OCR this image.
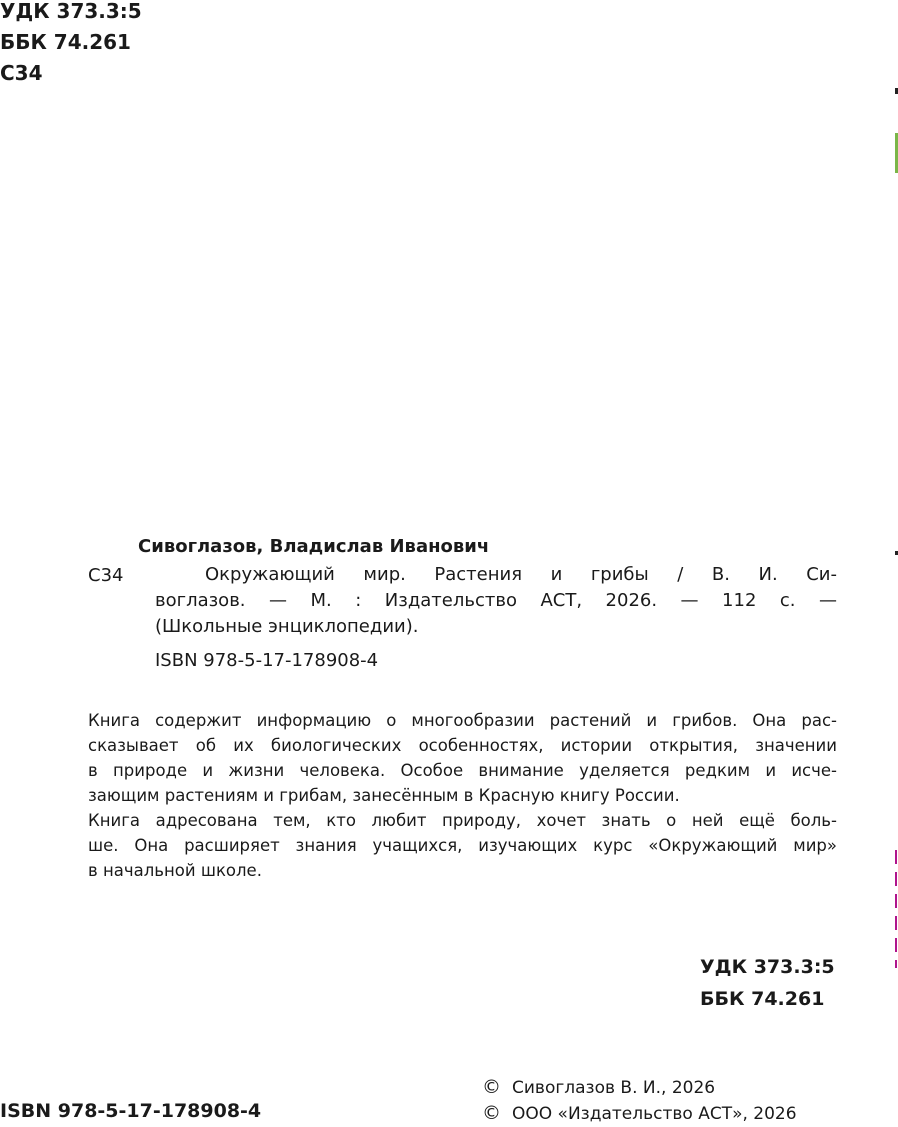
УДК 373.3:5
ББК 74.261
С34
Сивоглазов, Владислав Иванович
С34	Окружающий мир. Растения и грибы / В. И. Си-
воглазов. — М. : Издательство АСТ, 2026. — 112 с. —
(Школьные энциклопедии).
ISBN 978-5-17-178908-4
Книга содержит информацию о многообразии растений и грибов. Она рас-
сказывает об их биологических особенностях, истории открытия, значении
в природе и жизни человека. Особое внимание уделяется редким и исче-
зающим растениям и грибам, занесённым в Красную книгу России.
Книга адресована тем, кто любит природу, хочет знать о ней ещё боль-
ше. Она расширяет знания учащихся, изучающих курс «Окружающий мир»
в начальной школе.
УДК 373.3:5
ББК 74.261
ISBN 978-5-17-178908-4
© Сивоглазов В. И., 2026
© ООО «Издательство АСТ», 2026
